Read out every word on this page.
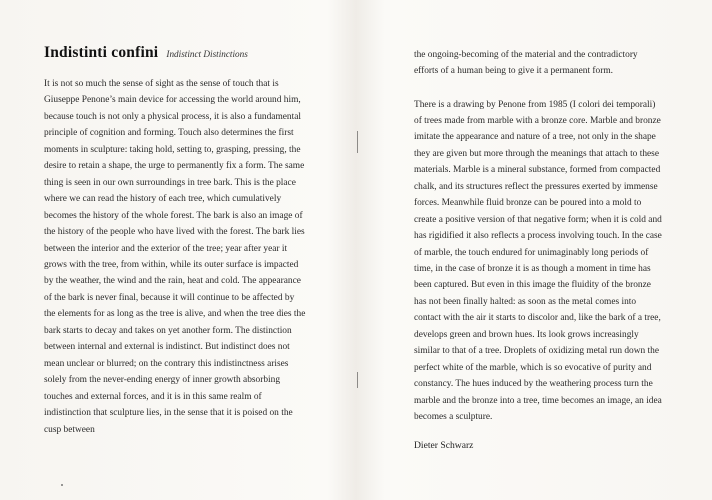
Indistinti confini Indistinct Distinctions

It is not so much the sense of sight as the sense of touch that is Giuseppe Penone’s main device for accessing the world around him, because touch is not only a physical process, it is also a fundamental principle of cognition and forming. Touch also determines the first moments in sculpture: taking hold, setting to, grasping, pressing, the desire to retain a shape, the urge to permanently fix a form. The same thing is seen in our own surroundings in tree bark. This is the place where we can read the history of each tree, which cumulatively becomes the history of the whole forest. The bark is also an image of the history of the people who have lived with the forest. The bark lies between the interior and the exterior of the tree; year after year it grows with the tree, from within, while its outer surface is impacted by the weather, the wind and the rain, heat and cold. The appearance of the bark is never final, because it will continue to be affected by the elements for as long as the tree is alive, and when the tree dies the bark starts to decay and takes on yet another form. The distinction between internal and external is indistinct. But indistinct does not mean unclear or blurred; on the contrary this indistinctness arises solely from the never-ending energy of inner growth absorbing touches and external forces, and it is in this same realm of indistinction that sculpture lies, in the sense that it is poised on the cusp between

the ongoing-becoming of the material and the contradictory efforts of a human being to give it a permanent form.

There is a drawing by Penone from 1985 (I colori dei temporali) of trees made from marble with a bronze core. Marble and bronze imitate the appearance and nature of a tree, not only in the shape they are given but more through the meanings that attach to these materials. Marble is a mineral substance, formed from compacted chalk, and its structures reflect the pressures exerted by immense forces. Meanwhile fluid bronze can be poured into a mold to create a positive version of that negative form; when it is cold and has rigidified it also reflects a process involving touch. In the case of marble, the touch endured for unimaginably long periods of time, in the case of bronze it is as though a moment in time has been captured. But even in this image the fluidity of the bronze has not been finally halted: as soon as the metal comes into contact with the air it starts to discolor and, like the bark of a tree, develops green and brown hues. Its look grows increasingly similar to that of a tree. Droplets of oxidizing metal run down the perfect white of the marble, which is so evocative of purity and constancy. The hues induced by the weathering process turn the marble and the bronze into a tree, time becomes an image, an idea becomes a sculpture.

Dieter Schwarz
